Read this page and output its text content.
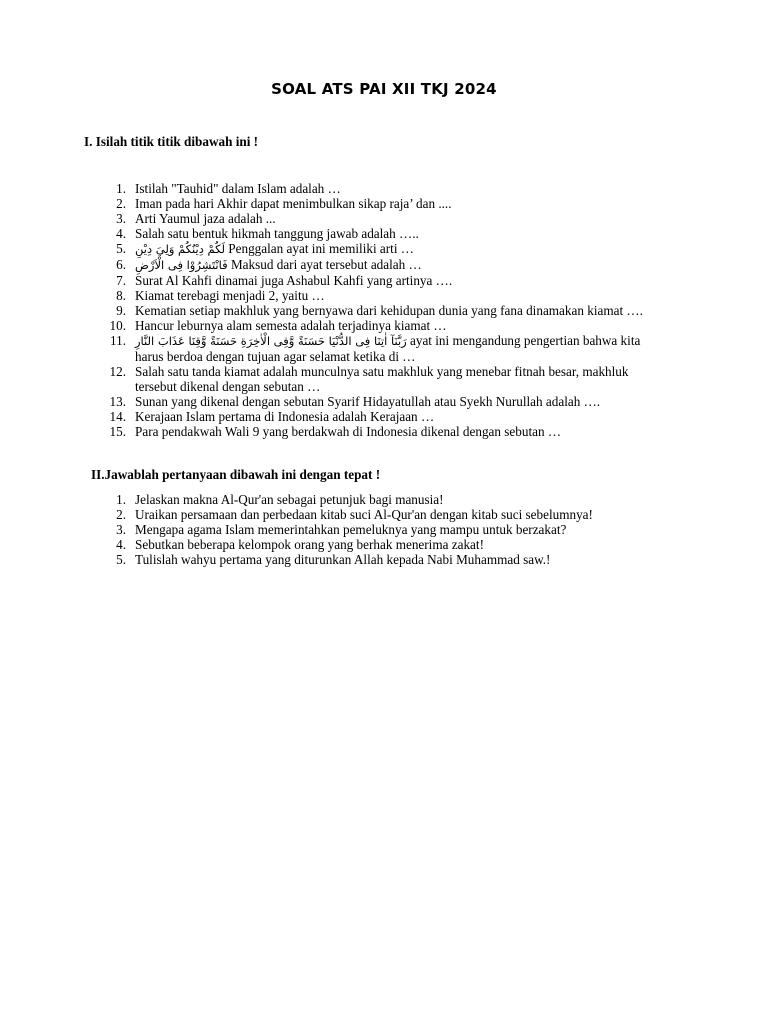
SOAL ATS PAI XII TKJ 2024
I. Isilah titik titik dibawah ini !
1. Istilah "Tauhid" dalam Islam adalah …
2. Iman pada hari Akhir dapat menimbulkan sikap raja’ dan ....
3. Arti Yaumul jaza adalah ...
4. Salah satu bentuk hikmah tanggung jawab adalah …..
5. لَكُمْ دِيْنُكُمْ وَلِيَ دِيْنِ Penggalan ayat ini memiliki arti …
6. فَانْتَشِرُوْا فِى الْاَرْضِ Maksud dari ayat tersebut adalah …
7. Surat Al Kahfi dinamai juga Ashabul Kahfi yang artinya ….
8. Kiamat terebagi menjadi 2, yaitu …
9. Kematian setiap makhluk yang bernyawa dari kehidupan dunia yang fana dinamakan kiamat ….
10. Hancur leburnya alam semesta adalah terjadinya kiamat …
11. رَبَّنَآ اٰتِنَا فِى الدُّنْيَا حَسَنَةً وَّفِى الْاٰخِرَةِ حَسَنَةً وَّقِنَا عَذَابَ النَّارِ ayat ini mengandung pengertian bahwa kita harus berdoa dengan tujuan agar selamat ketika di …
12. Salah satu tanda kiamat adalah munculnya satu makhluk yang menebar fitnah besar, makhluk tersebut dikenal dengan sebutan …
13. Sunan yang dikenal dengan sebutan Syarif Hidayatullah atau Syekh Nurullah adalah ….
14. Kerajaan Islam pertama di Indonesia adalah Kerajaan …
15. Para pendakwah Wali 9 yang berdakwah di Indonesia dikenal dengan sebutan …
II.Jawablah pertanyaan dibawah ini dengan tepat !
1. Jelaskan makna Al-Qur'an sebagai petunjuk bagi manusia!
2. Uraikan persamaan dan perbedaan kitab suci Al-Qur'an dengan kitab suci sebelumnya!
3. Mengapa agama Islam memerintahkan pemeluknya yang mampu untuk berzakat?
4. Sebutkan beberapa kelompok orang yang berhak menerima zakat!
5. Tulislah wahyu pertama yang diturunkan Allah kepada Nabi Muhammad saw.!
